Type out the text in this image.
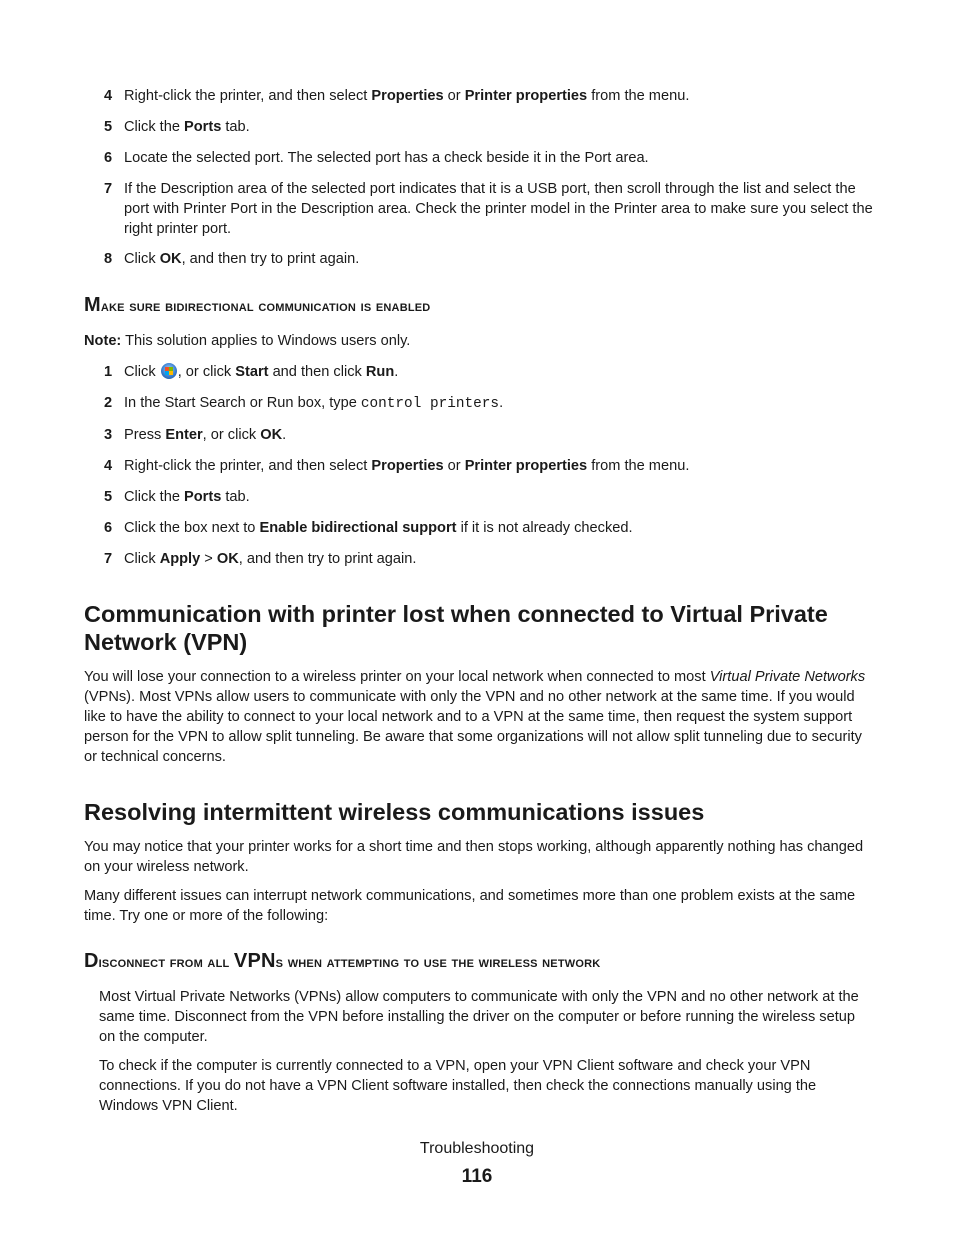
4 Right-click the printer, and then select Properties or Printer properties from the menu.
5 Click the Ports tab.
6 Locate the selected port. The selected port has a check beside it in the Port area.
7 If the Description area of the selected port indicates that it is a USB port, then scroll through the list and select the port with Printer Port in the Description area. Check the printer model in the Printer area to make sure you select the right printer port.
8 Click OK, and then try to print again.
Make sure bidirectional communication is enabled
Note: This solution applies to Windows users only.
1 Click , or click Start and then click Run.
2 In the Start Search or Run box, type control printers.
3 Press Enter, or click OK.
4 Right-click the printer, and then select Properties or Printer properties from the menu.
5 Click the Ports tab.
6 Click the box next to Enable bidirectional support if it is not already checked.
7 Click Apply > OK, and then try to print again.
Communication with printer lost when connected to Virtual Private Network (VPN)
You will lose your connection to a wireless printer on your local network when connected to most Virtual Private Networks (VPNs). Most VPNs allow users to communicate with only the VPN and no other network at the same time. If you would like to have the ability to connect to your local network and to a VPN at the same time, then request the system support person for the VPN to allow split tunneling. Be aware that some organizations will not allow split tunneling due to security or technical concerns.
Resolving intermittent wireless communications issues
You may notice that your printer works for a short time and then stops working, although apparently nothing has changed on your wireless network.
Many different issues can interrupt network communications, and sometimes more than one problem exists at the same time. Try one or more of the following:
Disconnect from all VPNs when attempting to use the wireless network
Most Virtual Private Networks (VPNs) allow computers to communicate with only the VPN and no other network at the same time. Disconnect from the VPN before installing the driver on the computer or before running the wireless setup on the computer.
To check if the computer is currently connected to a VPN, open your VPN Client software and check your VPN connections. If you do not have a VPN Client software installed, then check the connections manually using the Windows VPN Client.
Troubleshooting
116
